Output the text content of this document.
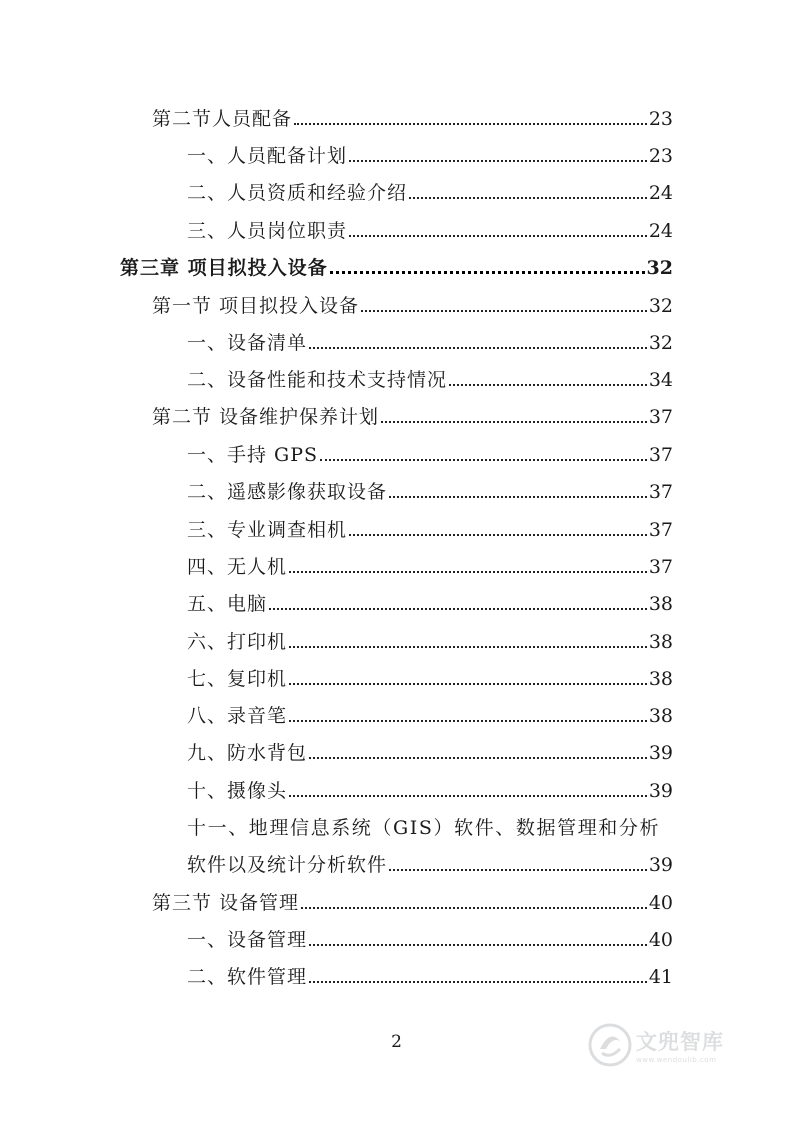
第二节人员配备	23
一、人员配备计划	23
二、人员资质和经验介绍	24
三、人员岗位职责	24
第三章 项目拟投入设备	32
第一节 项目拟投入设备	32
一、设备清单	32
二、设备性能和技术支持情况	34
第二节 设备维护保养计划	37
一、手持 GPS	37
二、遥感影像获取设备	37
三、专业调查相机	37
四、无人机	37
五、电脑	38
六、打印机	38
七、复印机	38
八、录音笔	38
九、防水背包	39
十、摄像头	39
十一、地理信息系统（GIS）软件、数据管理和分析
软件以及统计分析软件	39
第三节 设备管理	40
一、设备管理	40
二、软件管理	41
2	文兜智库
www.wendoulib.com
